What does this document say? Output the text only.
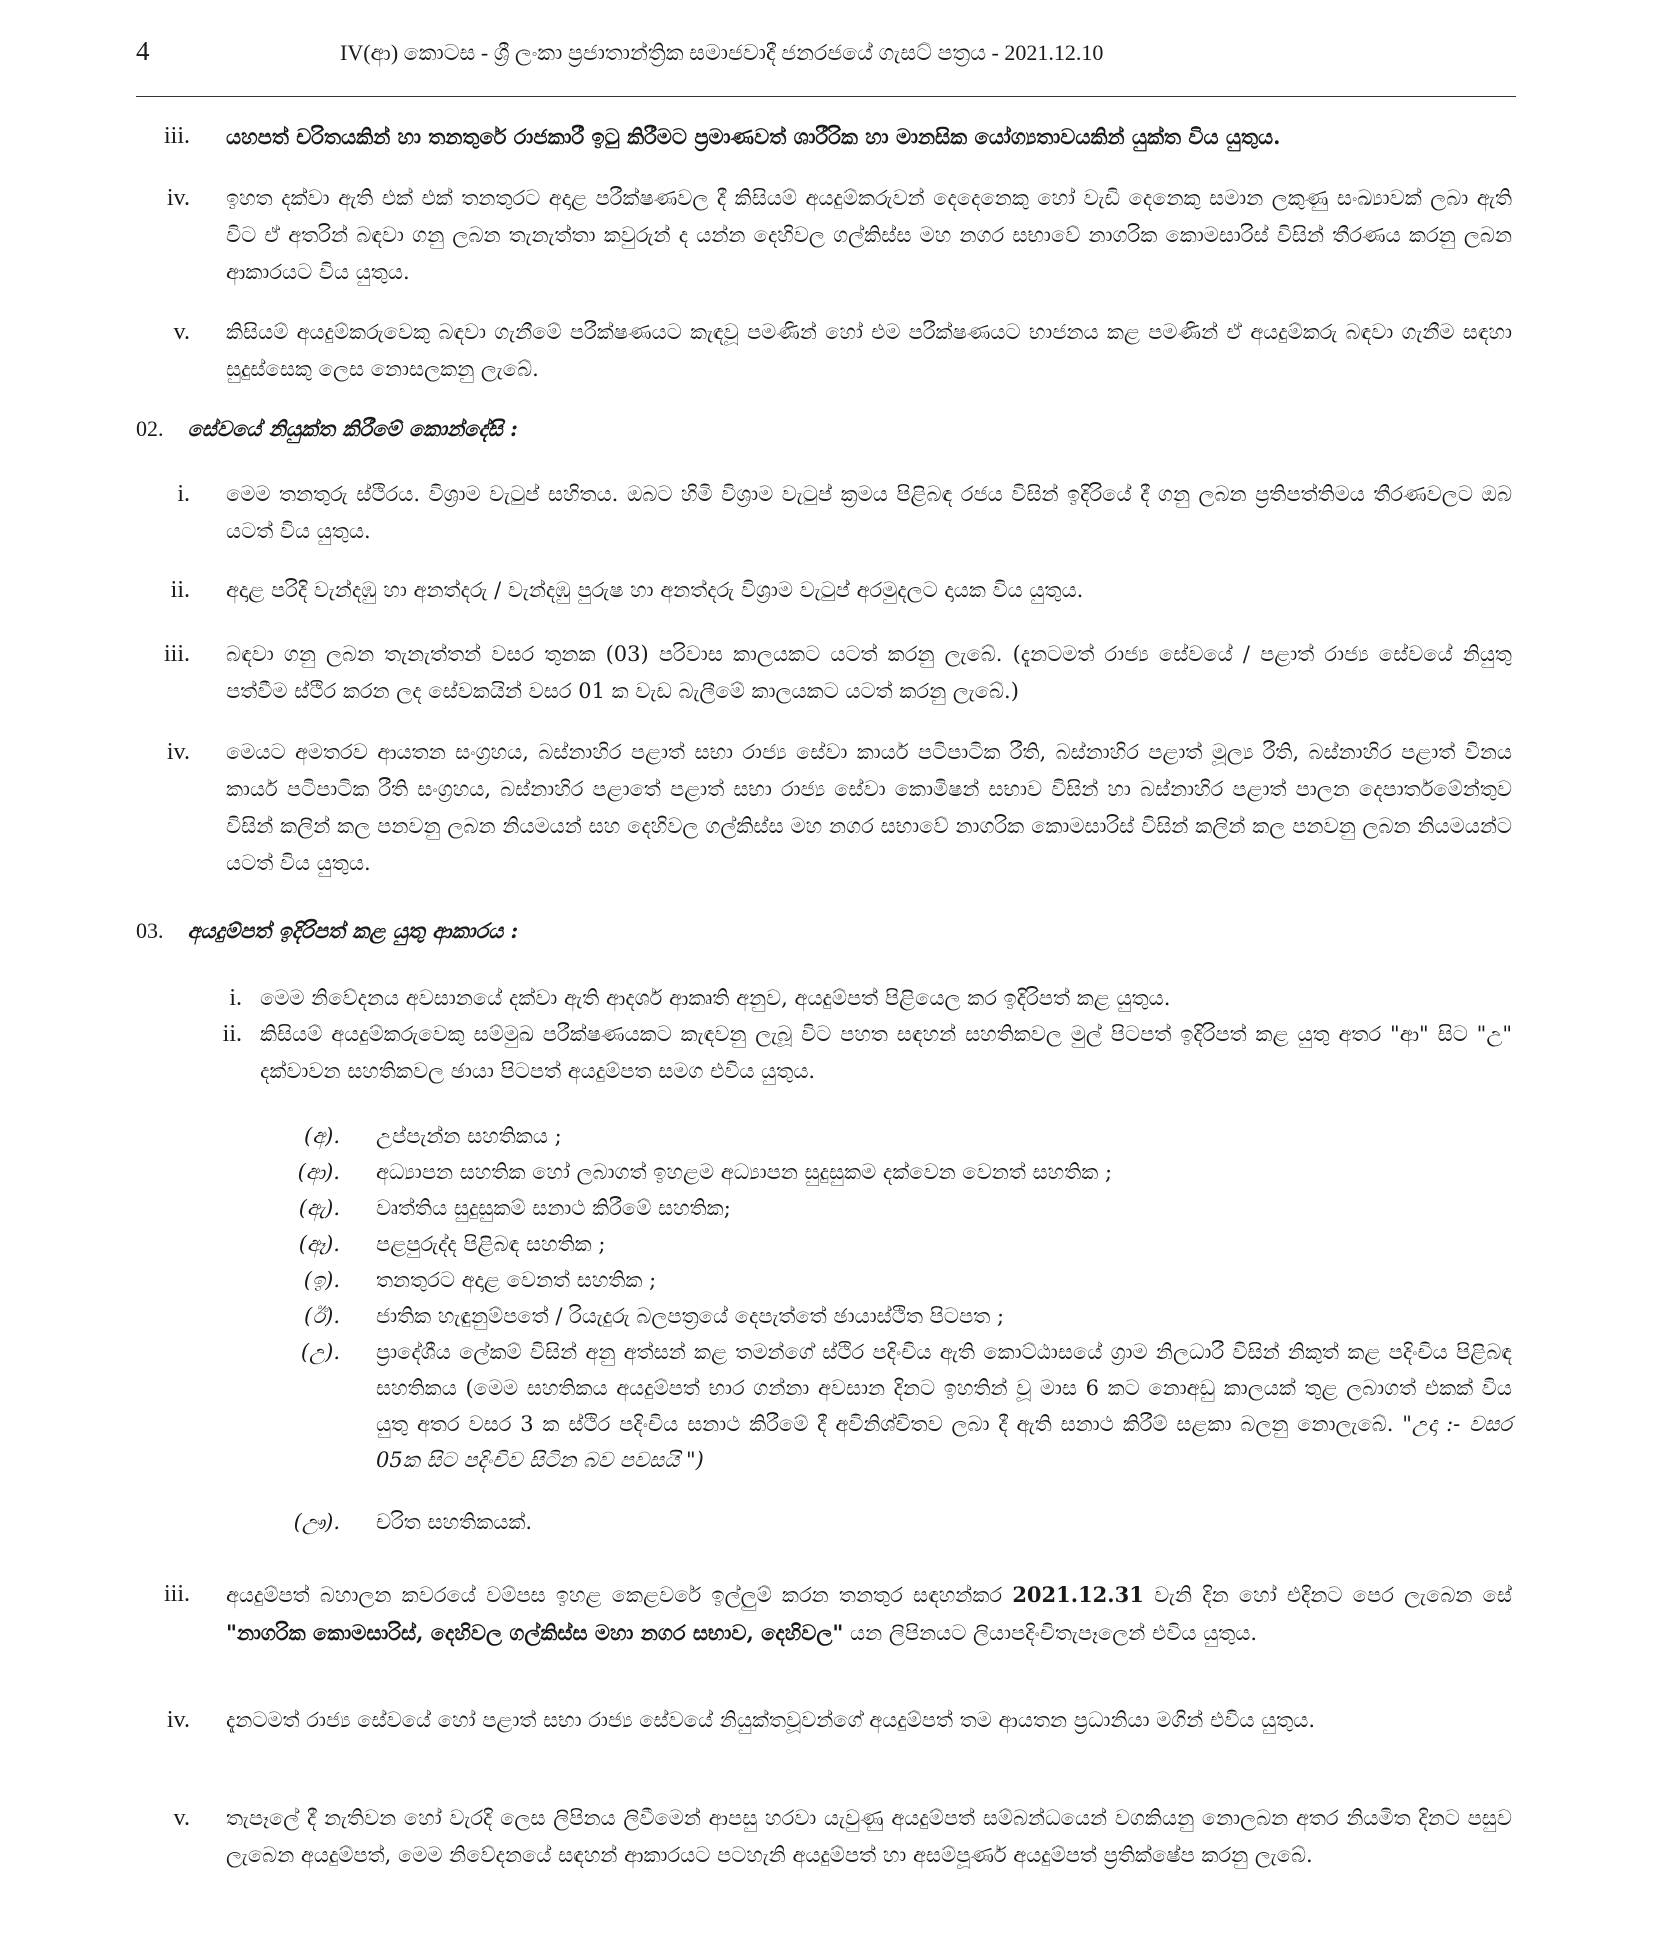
4	IV(ආ) කොටස - ශ්‍රී ලංකා ප්‍රජාතාන්ත්‍රික සමාජවාදී ජනරජයේ ගැසට් පත්‍රය - 2021.12.10
iii. යහපත් චරිතයකින් හා තනතුරේ රාජකාරී ඉටු කිරීමට ප්‍රමාණවත් ශාරීරික හා මානසික යෝග්‍යතාවයකින් යුක්ත විය යුතුය.
iv. ඉහත දක්වා ඇති එක් එක් තනතුරට අදාළ පරීක්ෂණවල දී කිසියම් අයදුම්කරුවන් දෙදෙනෙකු හෝ වැඩි දෙනෙකු සමාන ලකුණු සංඛ්‍යාවක් ලබා ඇති විට ඒ අතරින් බඳවා ගනු ලබන තැනැත්තා කවුරුන් ද යන්න දෙහිවල ගල්කිස්ස මහ නගර සභාවේ නාගරික කොමසාරිස් විසින් තීරණය කරනු ලබන ආකාරයට විය යුතුය.
v. කිසියම් අයදුම්කරුවෙකු බඳවා ගැනීමේ පරීක්ෂණයට කැඳවූ පමණින් හෝ එම පරීක්ෂණයට භාජනය කළ පමණින් ඒ අයදුම්කරු බඳවා ගැනීම සඳහා සුදුස්සෙකු ලෙස නොසලකනු ලැබේ.
02. සේවයේ නියුක්ත කිරීමේ කොන්දේසි :
i. මෙම තනතුරු ස්ථිරය. විශ්‍රාම වැටුප් සහිතය. ඔබට හිමි විශ්‍රාම වැටුප් ක්‍රමය පිළිබඳ රජය විසින් ඉදිරියේ දී ගනු ලබන ප්‍රතිපත්තිමය තීරණවලට ඔබ යටත් විය යුතුය.
ii. අදාළ පරිදි වැන්දඹු හා අනත්දරු / වැන්දඹු පුරුෂ හා අනත්දරු විශ්‍රාම වැටුප් අරමුදලට දායක විය යුතුය.
iii. බඳවා ගනු ලබන තැනැත්තන් වසර තුනක (03) පරිවාස කාලයකට යටත් කරනු ලැබේ. (දැනටමත් රාජ්‍ය සේවයේ / පළාත් රාජ්‍ය සේවයේ නියුතු පත්වීම ස්ථිර කරන ලද සේවකයින් වසර 01 ක වැඩ බැලීමේ කාලයකට යටත් කරනු ලැබේ.)
iv. මෙයට අමතරව ආයතන සංග්‍රහය, බස්නාහිර පළාත් සභා රාජ්‍ය සේවා කාර්ය පටිපාටික රීති, බස්නාහිර පළාත් මූල්‍ය රීති, බස්නාහිර පළාත් විනය කාර්ය පටිපාටික රීති සංග්‍රහය, බස්නාහිර පළාතේ පළාත් සභා රාජ්‍ය සේවා කොමිෂන් සභාව විසින් හා බස්නාහිර පළාත් පාලන දෙපාර්තමේන්තුව විසින් කලින් කල පනවනු ලබන නියමයන් සහ දෙහිවල ගල්කිස්ස මහ නගර සභාවේ නාගරික කොමසාරිස් විසින් කලින් කල පනවනු ලබන නියමයන්ට යටත් විය යුතුය.
03. අයදුම්පත් ඉදිරිපත් කළ යුතු ආකාරය :
i. මෙම නිවේදනය අවසානයේ දක්වා ඇති ආදර්ශ ආකෘති අනුව, අයදුම්පත් පිළියෙල කර ඉදිරිපත් කළ යුතුය.
ii. කිසියම් අයදුම්කරුවෙකු සම්මුඛ පරීක්ෂණයකට කැඳවනු ලැබූ විට පහත සඳහන් සහතිකවල මුල් පිටපත් ඉදිරිපත් කළ යුතු අතර "ආ" සිට "උ" දක්වාවන සහතිකවල ඡායා පිටපත් අයදුම්පත සමග එවිය යුතුය.
(අ). උප්පැන්න සහතිකය ;
(ආ). අධ්‍යාපන සහතික හෝ ලබාගත් ඉහළම අධ්‍යාපන සුදුසුකම දක්වෙන වෙනත් සහතික ;
(ඇ). වෘත්තිය සුදුසුකම් සනාථ කිරීමේ සහතික;
(ඈ). පළපුරුද්ද පිළිබඳ සහතික ;
(ඉ). තනතුරට අදාළ වෙනත් සහතික ;
(ඊ). ජාතික හැඳුනුම්පතේ / රියැදුරු බලපත්‍රයේ දෙපැත්තේ ඡායාස්ථිත පිටපත ;
(උ). ප්‍රාදේශීය ලේකම් විසින් අනු අත්සන් කළ තමන්ගේ ස්ථිර පදිංචිය ඇති කොට්ඨාසයේ ග්‍රාම නිලධාරී විසින් නිකුත් කළ පදිංචිය පිළිබඳ සහතිකය (මෙම සහතිකය අයදුම්පත් භාර ගන්නා අවසාන දිනට ඉහතින් වූ මාස 6 කට නොඅඩු කාලයක් තුළ ලබාගත් එකක් විය යුතු අතර වසර 3 ක ස්ථිර පදිංචිය සනාථ කිරීමේ දී අවිනිශ්චිතව ලබා දී ඇති සනාථ කිරීම් සළකා බලනු නොලැබේ. "උදා :- වසර 05ක සිට පදිංචිව සිටින බව පවසයි ")
(ඌ). චරිත සහතිකයක්.
iii. අයදුම්පත් බහාලන කවරයේ වම්පස ඉහළ කෙළවරේ ඉල්ලුම් කරන තනතුර සඳහන්කර 2021.12.31 වැනි දින හෝ එදිනට පෙර ලැබෙන සේ "නාගරික කොමසාරිස්, දෙහිවල ගල්කිස්ස මහා නගර සභාව, දෙහිවල" යන ලිපිනයට ලියාපදිංචිතැපෑලෙන් එවිය යුතුය.
iv. දැනටමත් රාජ්‍ය සේවයේ හෝ පළාත් සභා රාජ්‍ය සේවයේ නියුක්තවූවන්ගේ අයදුම්පත් තම ආයතන ප්‍රධානියා මගින් එවිය යුතුය.
v. තැපෑලේ දී නැතිවන හෝ වැරදි ලෙස ලිපිනය ලිවීමෙන් ආපසු හරවා යැවුණු අයදුම්පත් සම්බන්ධයෙන් වගකියනු නොලබන අතර නියමිත දිනට පසුව ලැබෙන අයදුම්පත්, මෙම නිවේදනයේ සඳහන් ආකාරයට පටහැනි අයදුම්පත් හා අසම්පූර්ණ අයදුම්පත් ප්‍රතික්ෂේප කරනු ලැබේ.
